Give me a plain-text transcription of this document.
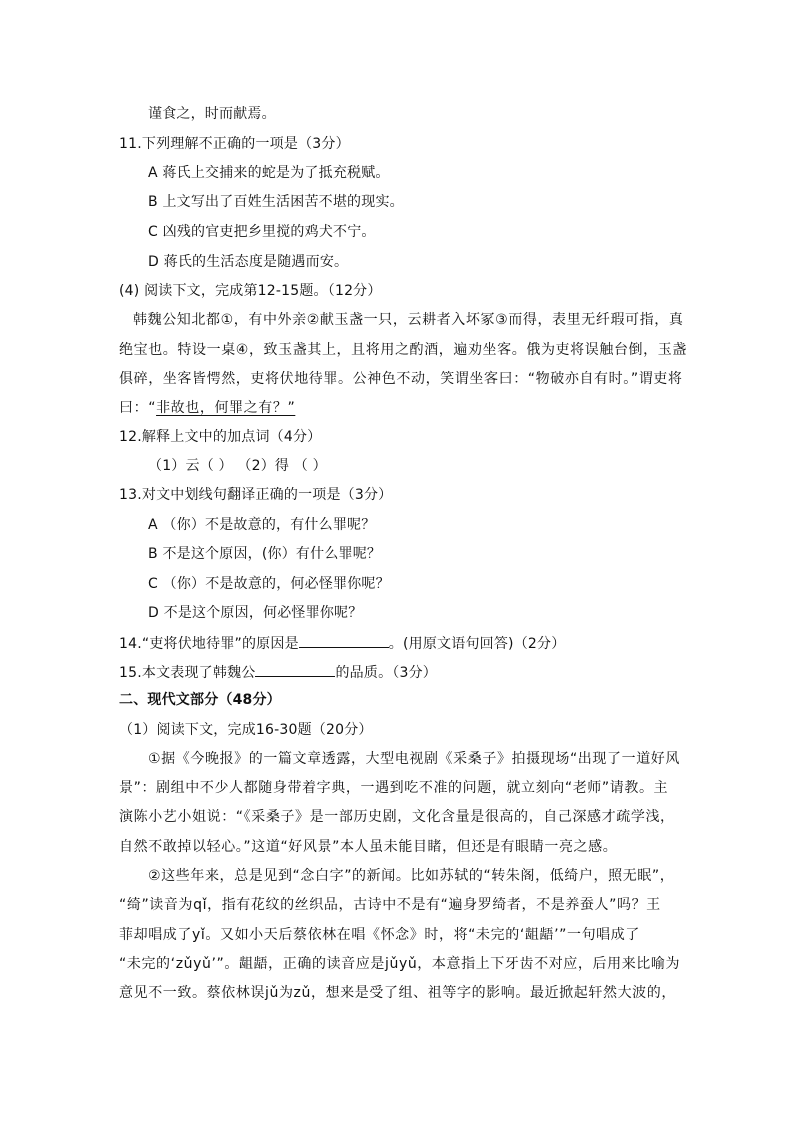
谨食之，时而献焉。
11.下列理解不正确的一项是（3分）
A 蒋氏上交捕来的蛇是为了抵充税赋。
B 上文写出了百姓生活困苦不堪的现实。
C 凶残的官吏把乡里搅的鸡犬不宁。
D 蒋氏的生活态度是随遇而安。
(4) 阅读下文，完成第12-15题。（12分）
韩魏公知北都①，有中外亲②献玉盏一只，云耕者入坏冢③而得，表里无纤瑕可指，真
绝宝也。特设一桌④，致玉盏其上，且将用之酌酒，遍劝坐客。俄为吏将误触台倒，玉盏
俱碎，坐客皆愕然，吏将伏地待罪。公神色不动，笑谓坐客曰：“物破亦自有时。”谓吏将
曰：“非故也，何罪之有？”
12.解释上文中的加点词（4分）
（1）云（ ） （2）得 （ ）
13.对文中划线句翻译正确的一项是（3分）
A （你）不是故意的，有什么罪呢？
B 不是这个原因，(你）有什么罪呢？
C （你）不是故意的，何必怪罪你呢？
D 不是这个原因，何必怪罪你呢？
14.“吏将伏地待罪”的原因是	。(用原文语句回答)（2分）
15.本文表现了韩魏公	的品质。（3分）
二、现代文部分（48分）
（1）阅读下文，完成16-30题（20分）
①据《今晚报》的一篇文章透露，大型电视剧《采桑子》拍摄现场“出现了一道好风
景”：剧组中不少人都随身带着字典，一遇到吃不准的问题，就立刻向“老师”请教。主
演陈小艺小姐说：“《采桑子》是一部历史剧，文化含量是很高的，自己深感才疏学浅，
自然不敢掉以轻心。”这道“好风景”本人虽未能目睹，但还是有眼睛一亮之感。
②这些年来，总是见到“念白字”的新闻。比如苏轼的“转朱阁，低绮户，照无眠”，
“绮”读音为qǐ，指有花纹的丝织品，古诗中不是有“遍身罗绮者，不是养蚕人”吗？王
菲却唱成了yǐ。又如小天后蔡依林在唱《怀念》时，将“未完的‘龃龉’”一句唱成了
“未完的‘zǔyǔ’”。龃龉，正确的读音应是jǔyǔ，本意指上下牙齿不对应，后用来比喻为
意见不一致。蔡依林误jǔ为zǔ，想来是受了组、祖等字的影响。最近掀起轩然大波的，
